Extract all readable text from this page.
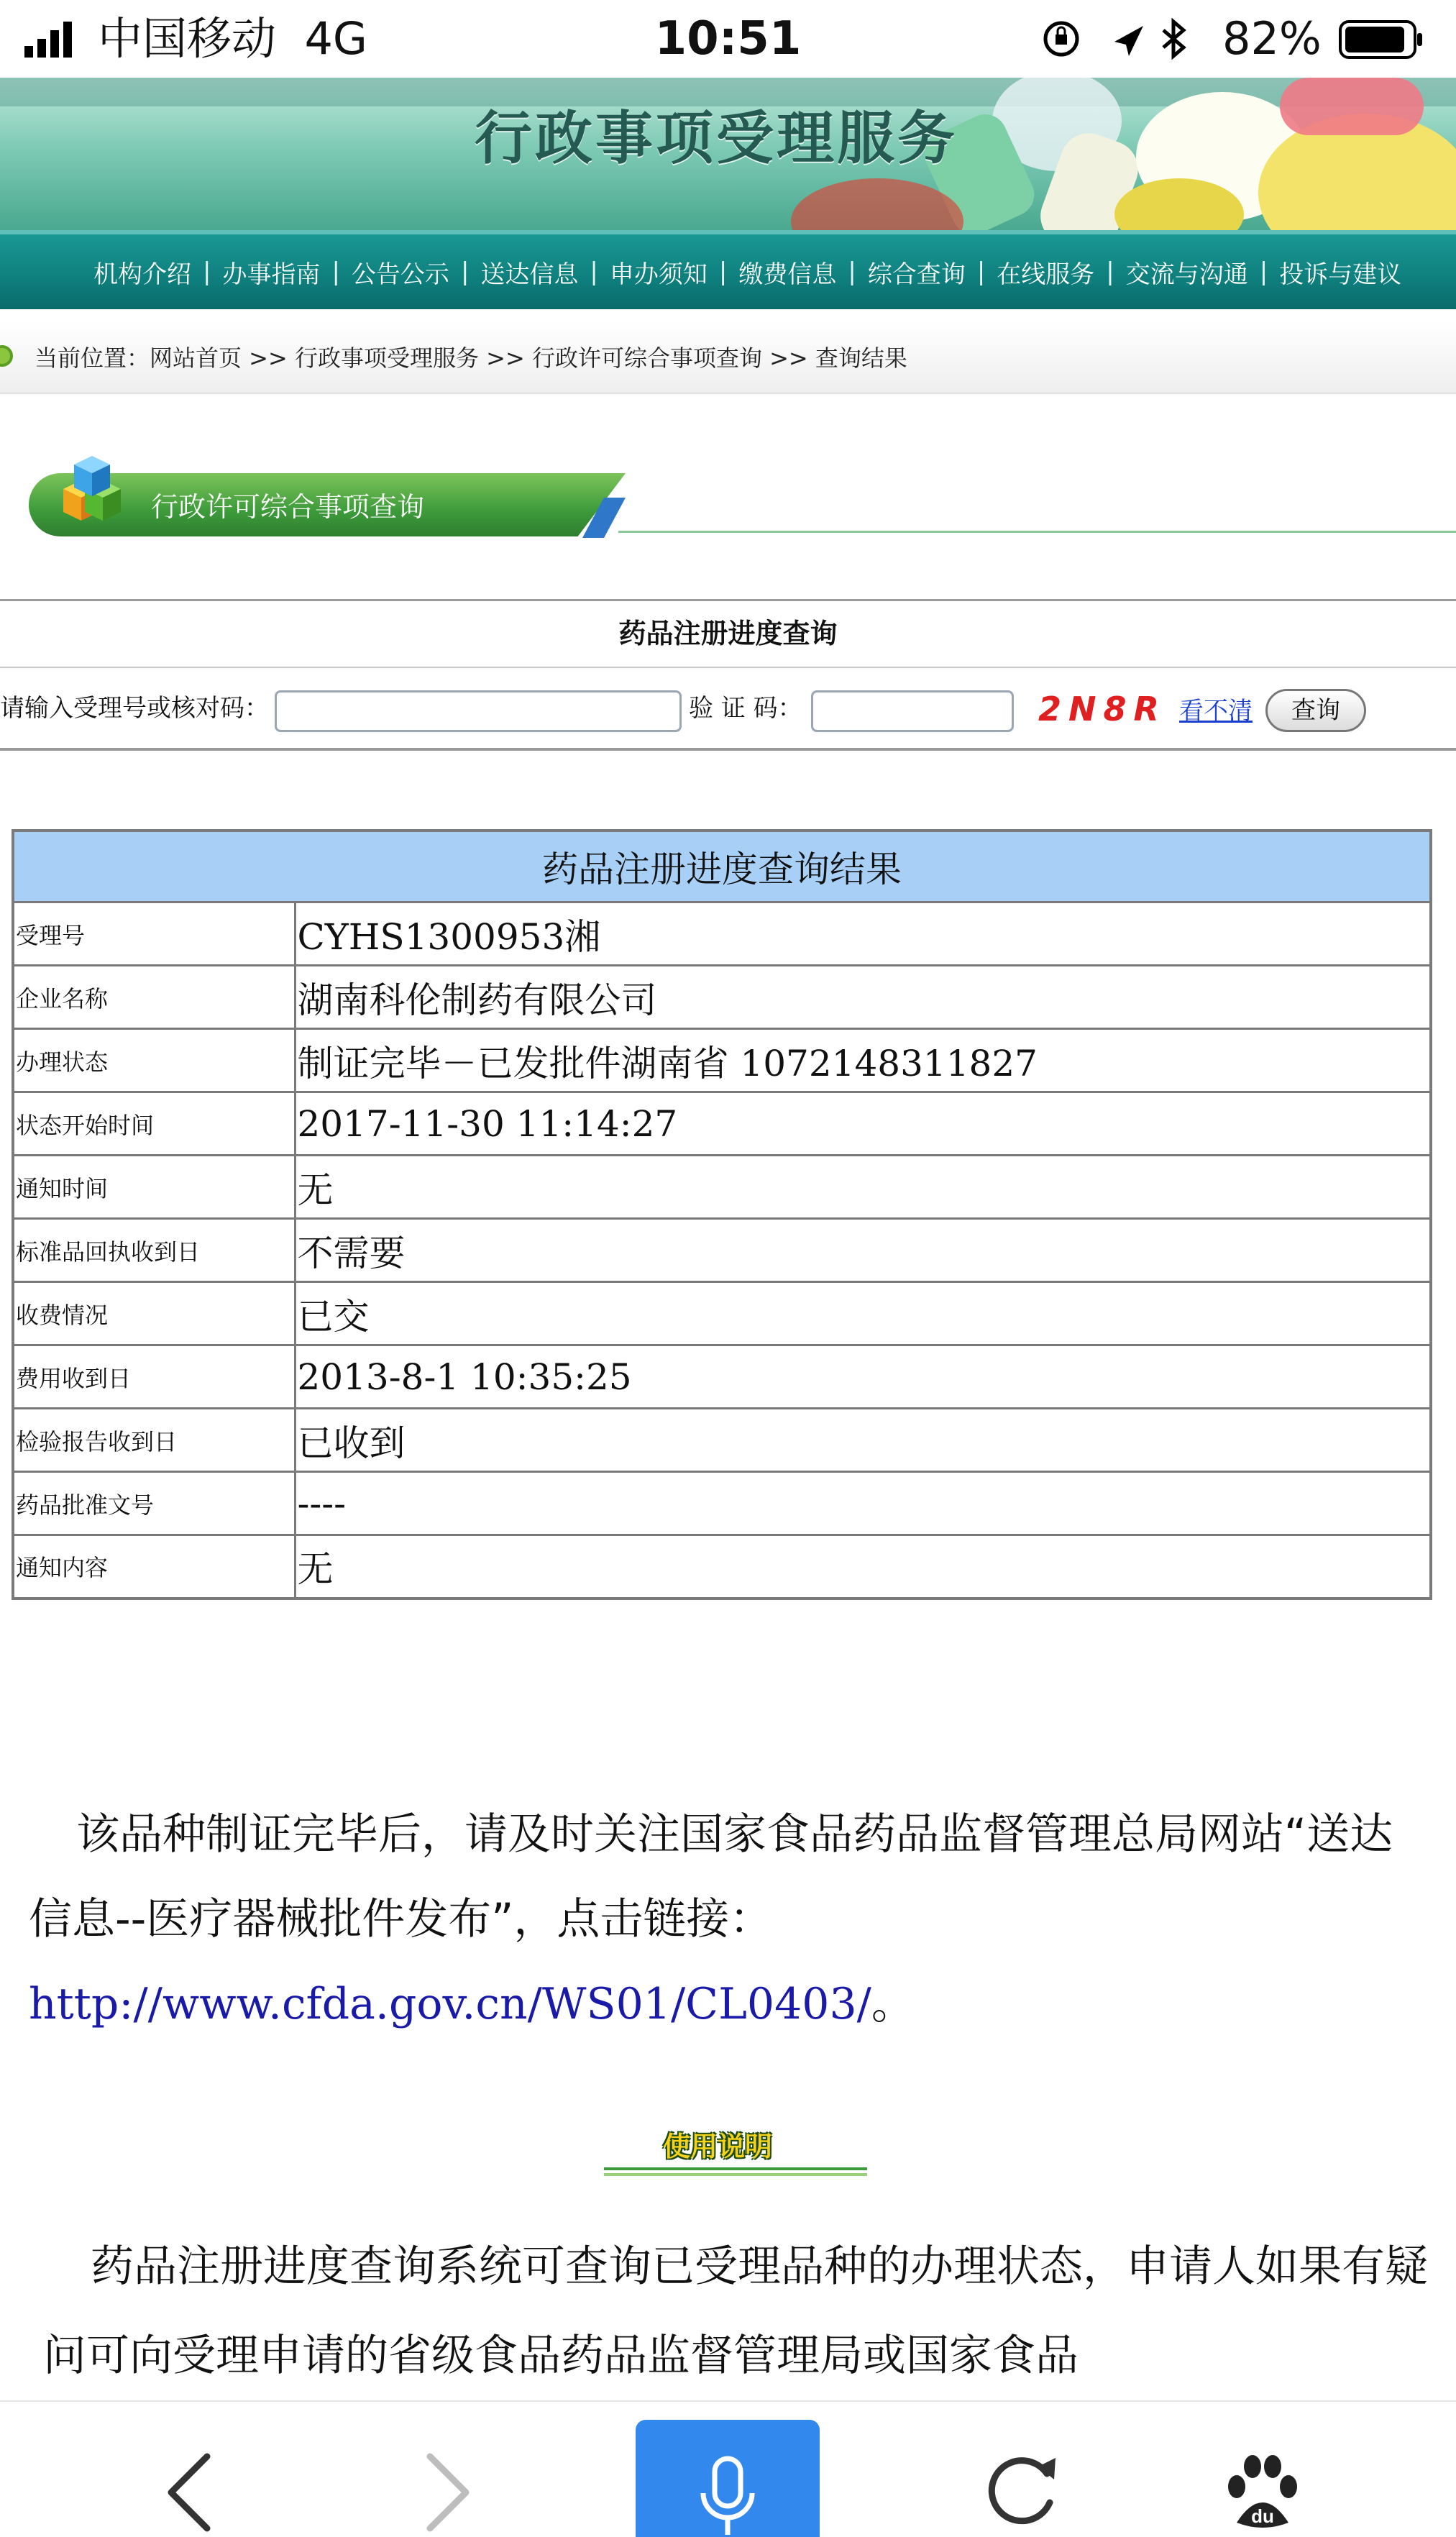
中国移动 4G	10:51	82%
行政事项受理服务
机构介绍 | 办事指南 | 公告公示 | 送达信息 | 申办须知 | 缴费信息 | 综合查询 | 在线服务 | 交流与沟通 | 投诉与建议
当前位置：网站首页 >> 行政事项受理服务 >> 行政许可综合事项查询 >> 查询结果
行政许可综合事项查询
药品注册进度查询
请输入受理号或核对码：	验 证 码：	2N8R 看不清	查询
药品注册进度查询结果	
受理号	CYHS1300953湘
企业名称	湖南科伦制药有限公司
办理状态	制证完毕－已发批件湖南省 1072148311827
状态开始时间	2017-11-30 11:14:27
通知时间	无
标准品回执收到日	不需要
收费情况	已交
费用收到日	2013-8-1 10:35:25
检验报告收到日	已收到
药品批准文号	----
通知内容	无
该品种制证完毕后，请及时关注国家食品药品监督管理总局网站“送达信息--医疗器械批件发布”，点击链接：http://www.cfda.gov.cn/WS01/CL0403/。
使用说明
药品注册进度查询系统可查询已受理品种的办理状态，申请人如果有疑问可向受理申请的省级食品药品监督管理局或国家食品
du
